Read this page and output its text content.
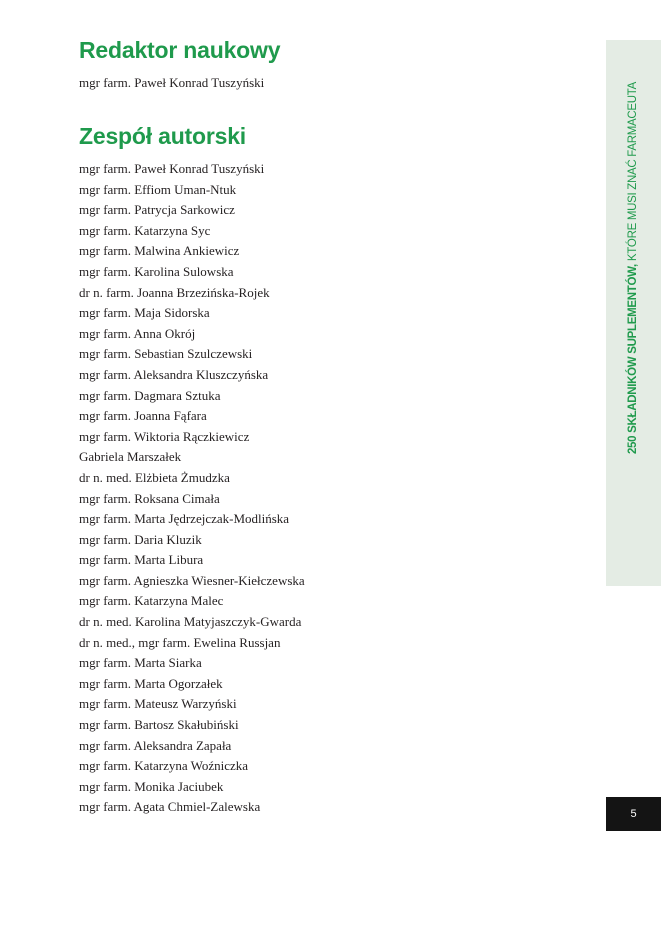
Redaktor naukowy
mgr farm. Paweł Konrad Tuszyński
Zespół autorski
mgr farm. Paweł Konrad Tuszyński
mgr farm. Effiom Uman-Ntuk
mgr farm. Patrycja Sarkowicz
mgr farm. Katarzyna Syc
mgr farm. Malwina Ankiewicz
mgr farm. Karolina Sulowska
dr n. farm. Joanna Brzezińska-Rojek
mgr farm. Maja Sidorska
mgr farm. Anna Okrój
mgr farm. Sebastian Szulczewski
mgr farm. Aleksandra Kluszczyńska
mgr farm. Dagmara Sztuka
mgr farm. Joanna Fąfara
mgr farm. Wiktoria Rączkiewicz
Gabriela Marszałek
dr n. med. Elżbieta Żmudzka
mgr farm. Roksana Cimała
mgr farm. Marta Jędrzejczak-Modlińska
mgr farm. Daria Kluzik
mgr farm. Marta Libura
mgr farm. Agnieszka Wiesner-Kiełczewska
mgr farm. Katarzyna Malec
dr n. med. Karolina Matyjaszczyk-Gwarda
dr n. med., mgr farm. Ewelina Russjan
mgr farm. Marta Siarka
mgr farm. Marta Ogorzałek
mgr farm. Mateusz Warzyński
mgr farm. Bartosz Skałubiński
mgr farm. Aleksandra Zapała
mgr farm. Katarzyna Woźniczka
mgr farm. Monika Jaciubek
mgr farm. Agata Chmiel-Zalewska
250 SKŁADNIKÓW SUPLEMENTÓW, KTÓRE MUSI ZNAĆ FARMACEUTA
5
